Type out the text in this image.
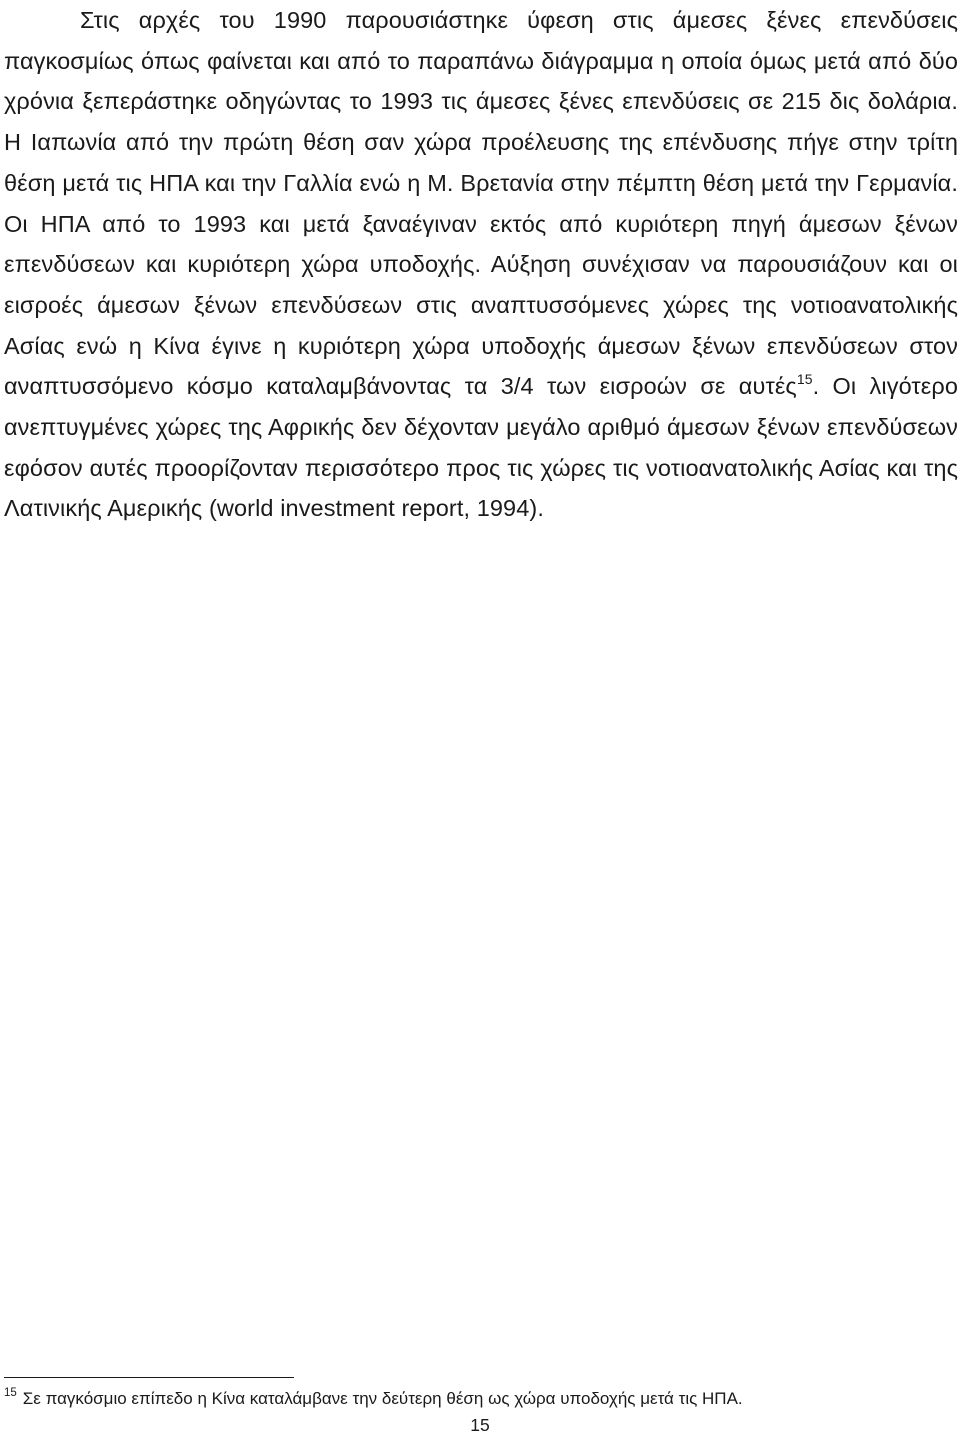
Στις αρχές του 1990 παρουσιάστηκε ύφεση στις άμεσες ξένες επενδύσεις παγκοσμίως όπως φαίνεται και από το παραπάνω διάγραμμα η οποία όμως μετά από δύο χρόνια ξεπεράστηκε οδηγώντας το 1993 τις άμεσες ξένες επενδύσεις σε 215 δις δολάρια. Η Ιαπωνία από την πρώτη θέση σαν χώρα προέλευσης της επένδυσης πήγε στην τρίτη θέση μετά τις ΗΠΑ και την Γαλλία ενώ η Μ. Βρετανία στην πέμπτη θέση μετά την Γερμανία. Οι ΗΠΑ από το 1993 και μετά ξαναέγιναν εκτός από κυριότερη πηγή άμεσων ξένων επενδύσεων και κυριότερη χώρα υποδοχής. Αύξηση συνέχισαν να παρουσιάζουν και οι εισροές άμεσων ξένων επενδύσεων στις αναπτυσσόμενες χώρες της νοτιοανατολικής Ασίας ενώ η Κίνα έγινε η κυριότερη χώρα υποδοχής άμεσων ξένων επενδύσεων στον αναπτυσσόμενο κόσμο καταλαμβάνοντας τα 3/4 των εισροών σε αυτές$^{15}$. Οι λιγότερο ανεπτυγμένες χώρες της Αφρικής δεν δέχονταν μεγάλο αριθμό άμεσων ξένων επενδύσεων εφόσον αυτές προορίζονταν περισσότερο προς τις χώρες τις νοτιοανατολικής Ασίας και της Λατινικής Αμερικής (world investment report, 1994).

$^{15}$ Σε παγκόσμιο επίπεδο η Κίνα καταλάμβανε την δεύτερη θέση ως χώρα υποδοχής μετά τις ΗΠΑ.

15
